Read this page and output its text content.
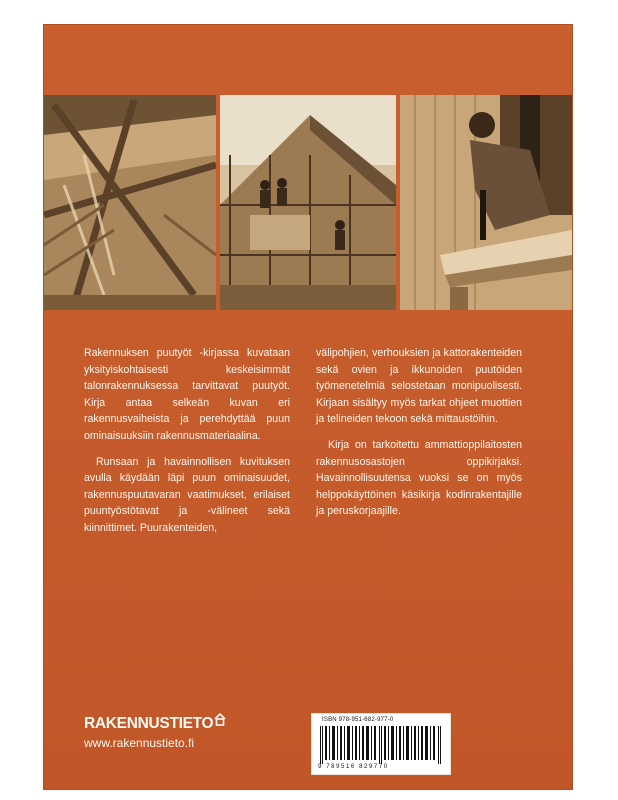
Rakennuksen puutyöt -kirjassa kuvataan yksityiskohtaisesti keskeisimmät talonrakennuksessa tarvittavat puutyöt. Kirja antaa selkeän kuvan eri rakennusvaiheista ja perehdyttää puun ominaisuuksiin rakennusmateriaalina.

Runsaan ja havainnollisen kuvituksen avulla käydään läpi puun ominaisuudet, rakennuspuutavaran vaatimukset, erilaiset puuntyöstötavat ja -välineet sekä kiinnittimet. Puurakenteiden,

välipohjien, verhouksien ja kattorakenteiden sekä ovien ja ikkunoiden puutöiden työmenetelmiä selostetaan monipuolisesti. Kirjaan sisältyy myös tarkat ohjeet muottien ja telineiden tekoon sekä mittaustöihin.

Kirja on tarkoitettu ammattioppilaitosten rakennusosastojen oppikirjaksi. Havainnollisuutensa vuoksi se on myös helppokäyttöinen käsikirja kodinrakentajille ja peruskorjaajille.

RAKENNUSTIETO
www.rakennustieto.fi
ISBN 978-951-682-977-0
9 789516 829770
